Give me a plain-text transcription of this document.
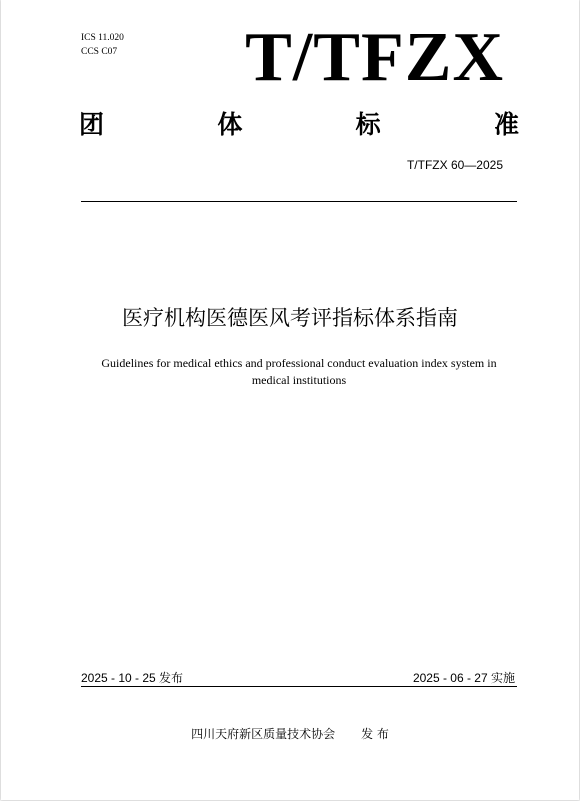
ICS 11.020
CCS C07 T/TFZX
团	体	标	准
T/TFZX 60—2025
医疗机构医德医风考评指标体系指南
Guidelines for medical ethics and professional conduct evaluation index system in
medical institutions
2025 - 10 - 25 发布	2025 - 06 - 27 实施
四川天府新区质量技术协会 发 布
